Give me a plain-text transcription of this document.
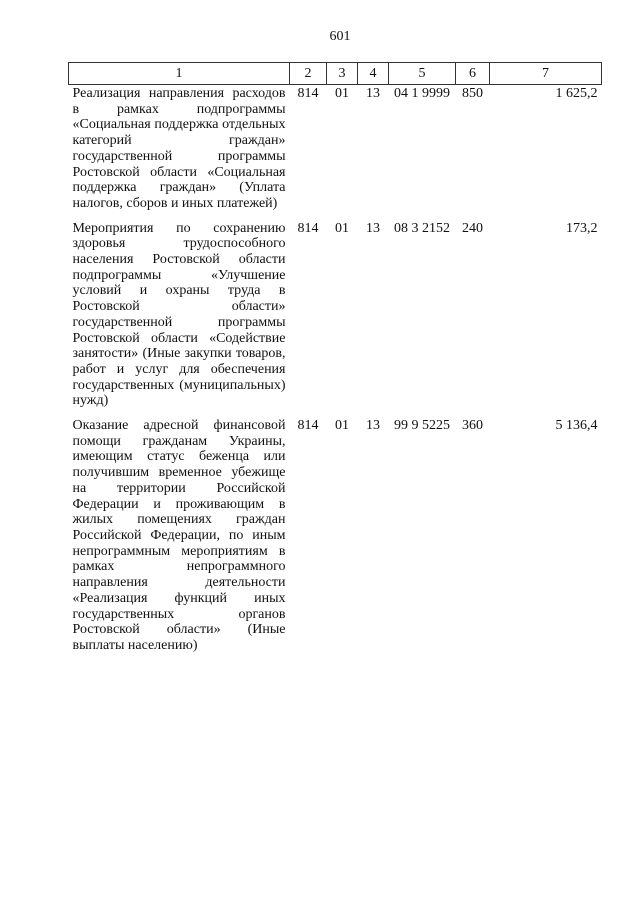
601
1	2	3	4	5	6	7
Реализация направления расходов в рамках подпрограммы «Социальная поддержка отдельных категорий граждан» государственной программы Ростовской области «Социальная поддержка граждан» (Уплата налогов, сборов и иных платежей)	814	01	13	04 1 9999	850	1 625,2
Мероприятия по сохранению здоровья трудоспособного населения Ростовской области подпрограммы «Улучшение условий и охраны труда в Ростовской области» государственной программы Ростовской области «Содействие занятости» (Иные закупки товаров, работ и услуг для обеспечения государственных (муниципальных) нужд)	814	01	13	08 3 2152	240	173,2
Оказание адресной финансовой помощи гражданам Украины, имеющим статус беженца или получившим временное убежище на территории Российской Федерации и проживающим в жилых помещениях граждан Российской Федерации, по иным непрограммным мероприятиям в рамках непрограммного направления деятельности «Реализация функций иных государственных органов Ростовской области» (Иные выплаты населению)	814	01	13	99 9 5225	360	5 136,4
